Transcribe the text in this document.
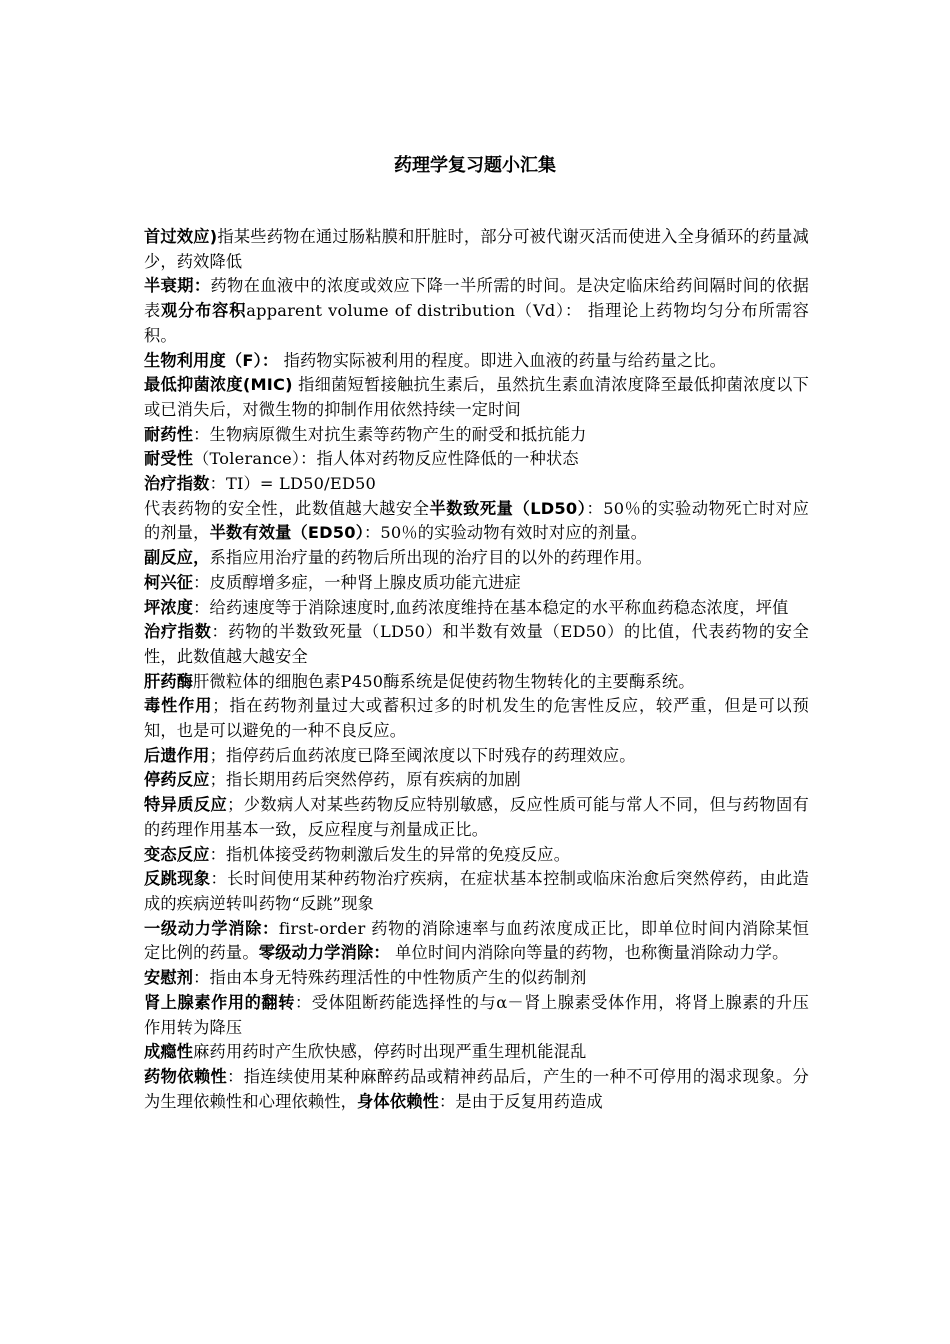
药理学复习题小汇集

首过效应)指某些药物在通过肠粘膜和肝脏时，部分可被代谢灭活而使进入全身循环的药量减少，药效降低

半衰期：药物在血液中的浓度或效应下降一半所需的时间。是决定临床给药间隔时间的依据表观分布容积apparent volume of distribution（Vd）： 指理论上药物均匀分布所需容积。

生物利用度（F）： 指药物实际被利用的程度。即进入血液的药量与给药量之比。

最低抑菌浓度(MIC) 指细菌短暂接触抗生素后，虽然抗生素血清浓度降至最低抑菌浓度以下或已消失后，对微生物的抑制作用依然持续一定时间

耐药性：生物病原微生对抗生素等药物产生的耐受和抵抗能力

耐受性（Tolerance）：指人体对药物反应性降低的一种状态

治疗指数：TI）= LD50/ED50

代表药物的安全性，此数值越大越安全半数致死量（LD50）：50％的实验动物死亡时对应的剂量，半数有效量（ED50）：50％的实验动物有效时对应的剂量。

副反应，系指应用治疗量的药物后所出现的治疗目的以外的药理作用。

柯兴征：皮质醇增多症，一种肾上腺皮质功能亢进症

坪浓度：给药速度等于消除速度时,血药浓度维持在基本稳定的水平称血药稳态浓度，坪值

治疗指数：药物的半数致死量（LD50）和半数有效量（ED50）的比值，代表药物的安全性，此数值越大越安全

肝药酶肝微粒体的细胞色素P450酶系统是促使药物生物转化的主要酶系统。

毒性作用；指在药物剂量过大或蓄积过多的时机发生的危害性反应，较严重，但是可以预知，也是可以避免的一种不良反应。

后遗作用；指停药后血药浓度已降至阈浓度以下时残存的药理效应。

停药反应；指长期用药后突然停药，原有疾病的加剧

特异质反应；少数病人对某些药物反应特别敏感，反应性质可能与常人不同，但与药物固有的药理作用基本一致，反应程度与剂量成正比。

变态反应：指机体接受药物刺激后发生的异常的免疫反应。

反跳现象：长时间使用某种药物治疗疾病，在症状基本控制或临床治愈后突然停药，由此造成的疾病逆转叫药物“反跳”现象

一级动力学消除：first-order 药物的消除速率与血药浓度成正比，即单位时间内消除某恒定比例的药量。零级动力学消除： 单位时间内消除向等量的药物，也称衡量消除动力学。

安慰剂：指由本身无特殊药理活性的中性物质产生的似药制剂

肾上腺素作用的翻转：受体阻断药能选择性的与α－肾上腺素受体作用，将肾上腺素的升压作用转为降压

成瘾性麻药用药时产生欣快感，停药时出现严重生理机能混乱

药物依赖性：指连续使用某种麻醉药品或精神药品后，产生的一种不可停用的渴求现象。分为生理依赖性和心理依赖性，身体依赖性：是由于反复用药造成
